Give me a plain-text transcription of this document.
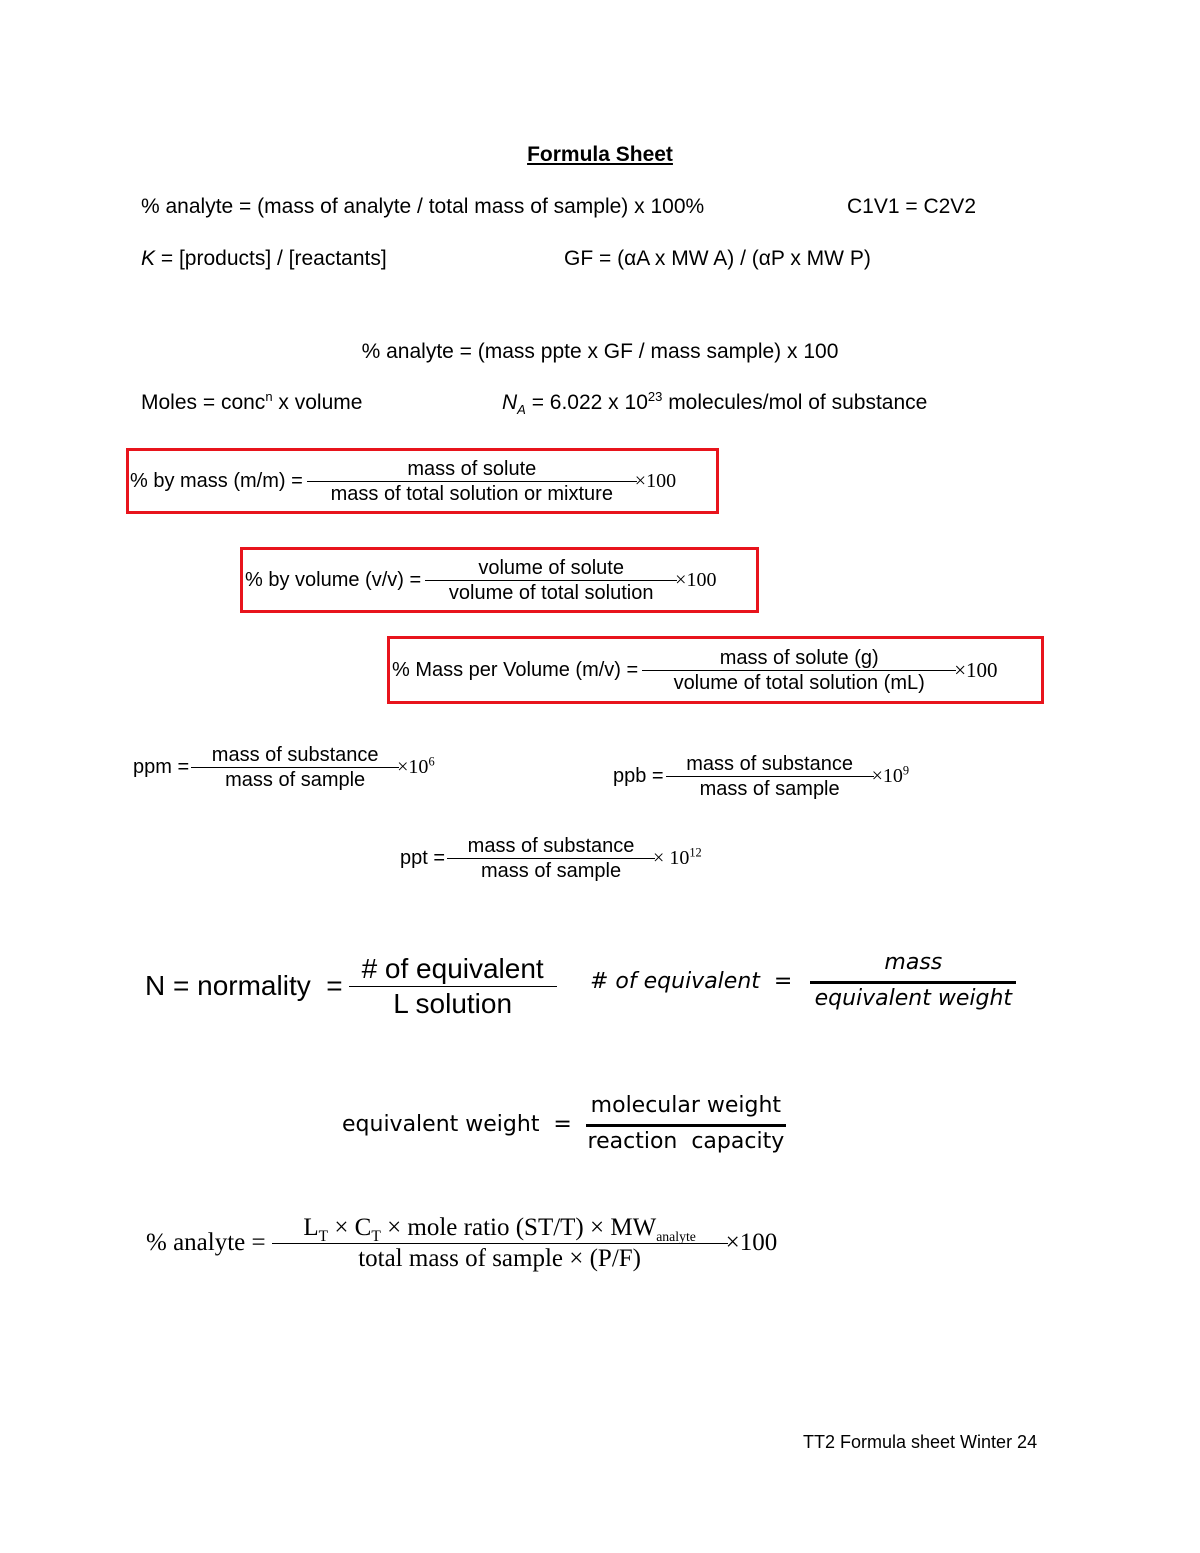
Formula Sheet
% analyte = (mass of analyte / total mass of sample) x 100%	C1V1 = C2V2
K = [products] / [reactants]	GF = (αA x MW A) / (αP x MW P)
% analyte = (mass ppte x GF / mass sample) x 100
Moles = conc$^n$ x volume	$N_A = 6.022$ x $10^{23}$ molecules/mol of substance
% by mass $(m/m) = \frac{\text{mass of solute}}{\text{mass of total solution or mixture}} \times 100$
% by volume $(v/v) = \frac{\text{volume of solute}}{\text{volume of total solution}} \times 100$
% Mass per Volume $(m/v) = \frac{\text{mass of solute (g)}}{\text{volume of total solution (mL)}} \times 100$
ppm = $\frac{\text{mass of substance}}{\text{mass of sample}} \times 10^6$
ppb = $\frac{\text{mass of substance}}{\text{mass of sample}} \times 10^9$
ppt = $\frac{\text{mass of substance}}{\text{mass of sample}} \times 10^{12}$
N = normality  = $\frac{\text{\# of equivalent}}{\text{L solution}}$ # of equivalent  = $\frac{\text{mass}}{\text{equivalent weight}}$
equivalent weight  = $\frac{\text{molecular weight}}{\text{reaction  capacity}}$
% analyte = $\frac{L_T \times C_T \times mole ratio (ST/T) \times MW_{analyte}}{\text{total mass of sample × (P/F)}} \times 100$
TT2 Formula sheet Winter 24
